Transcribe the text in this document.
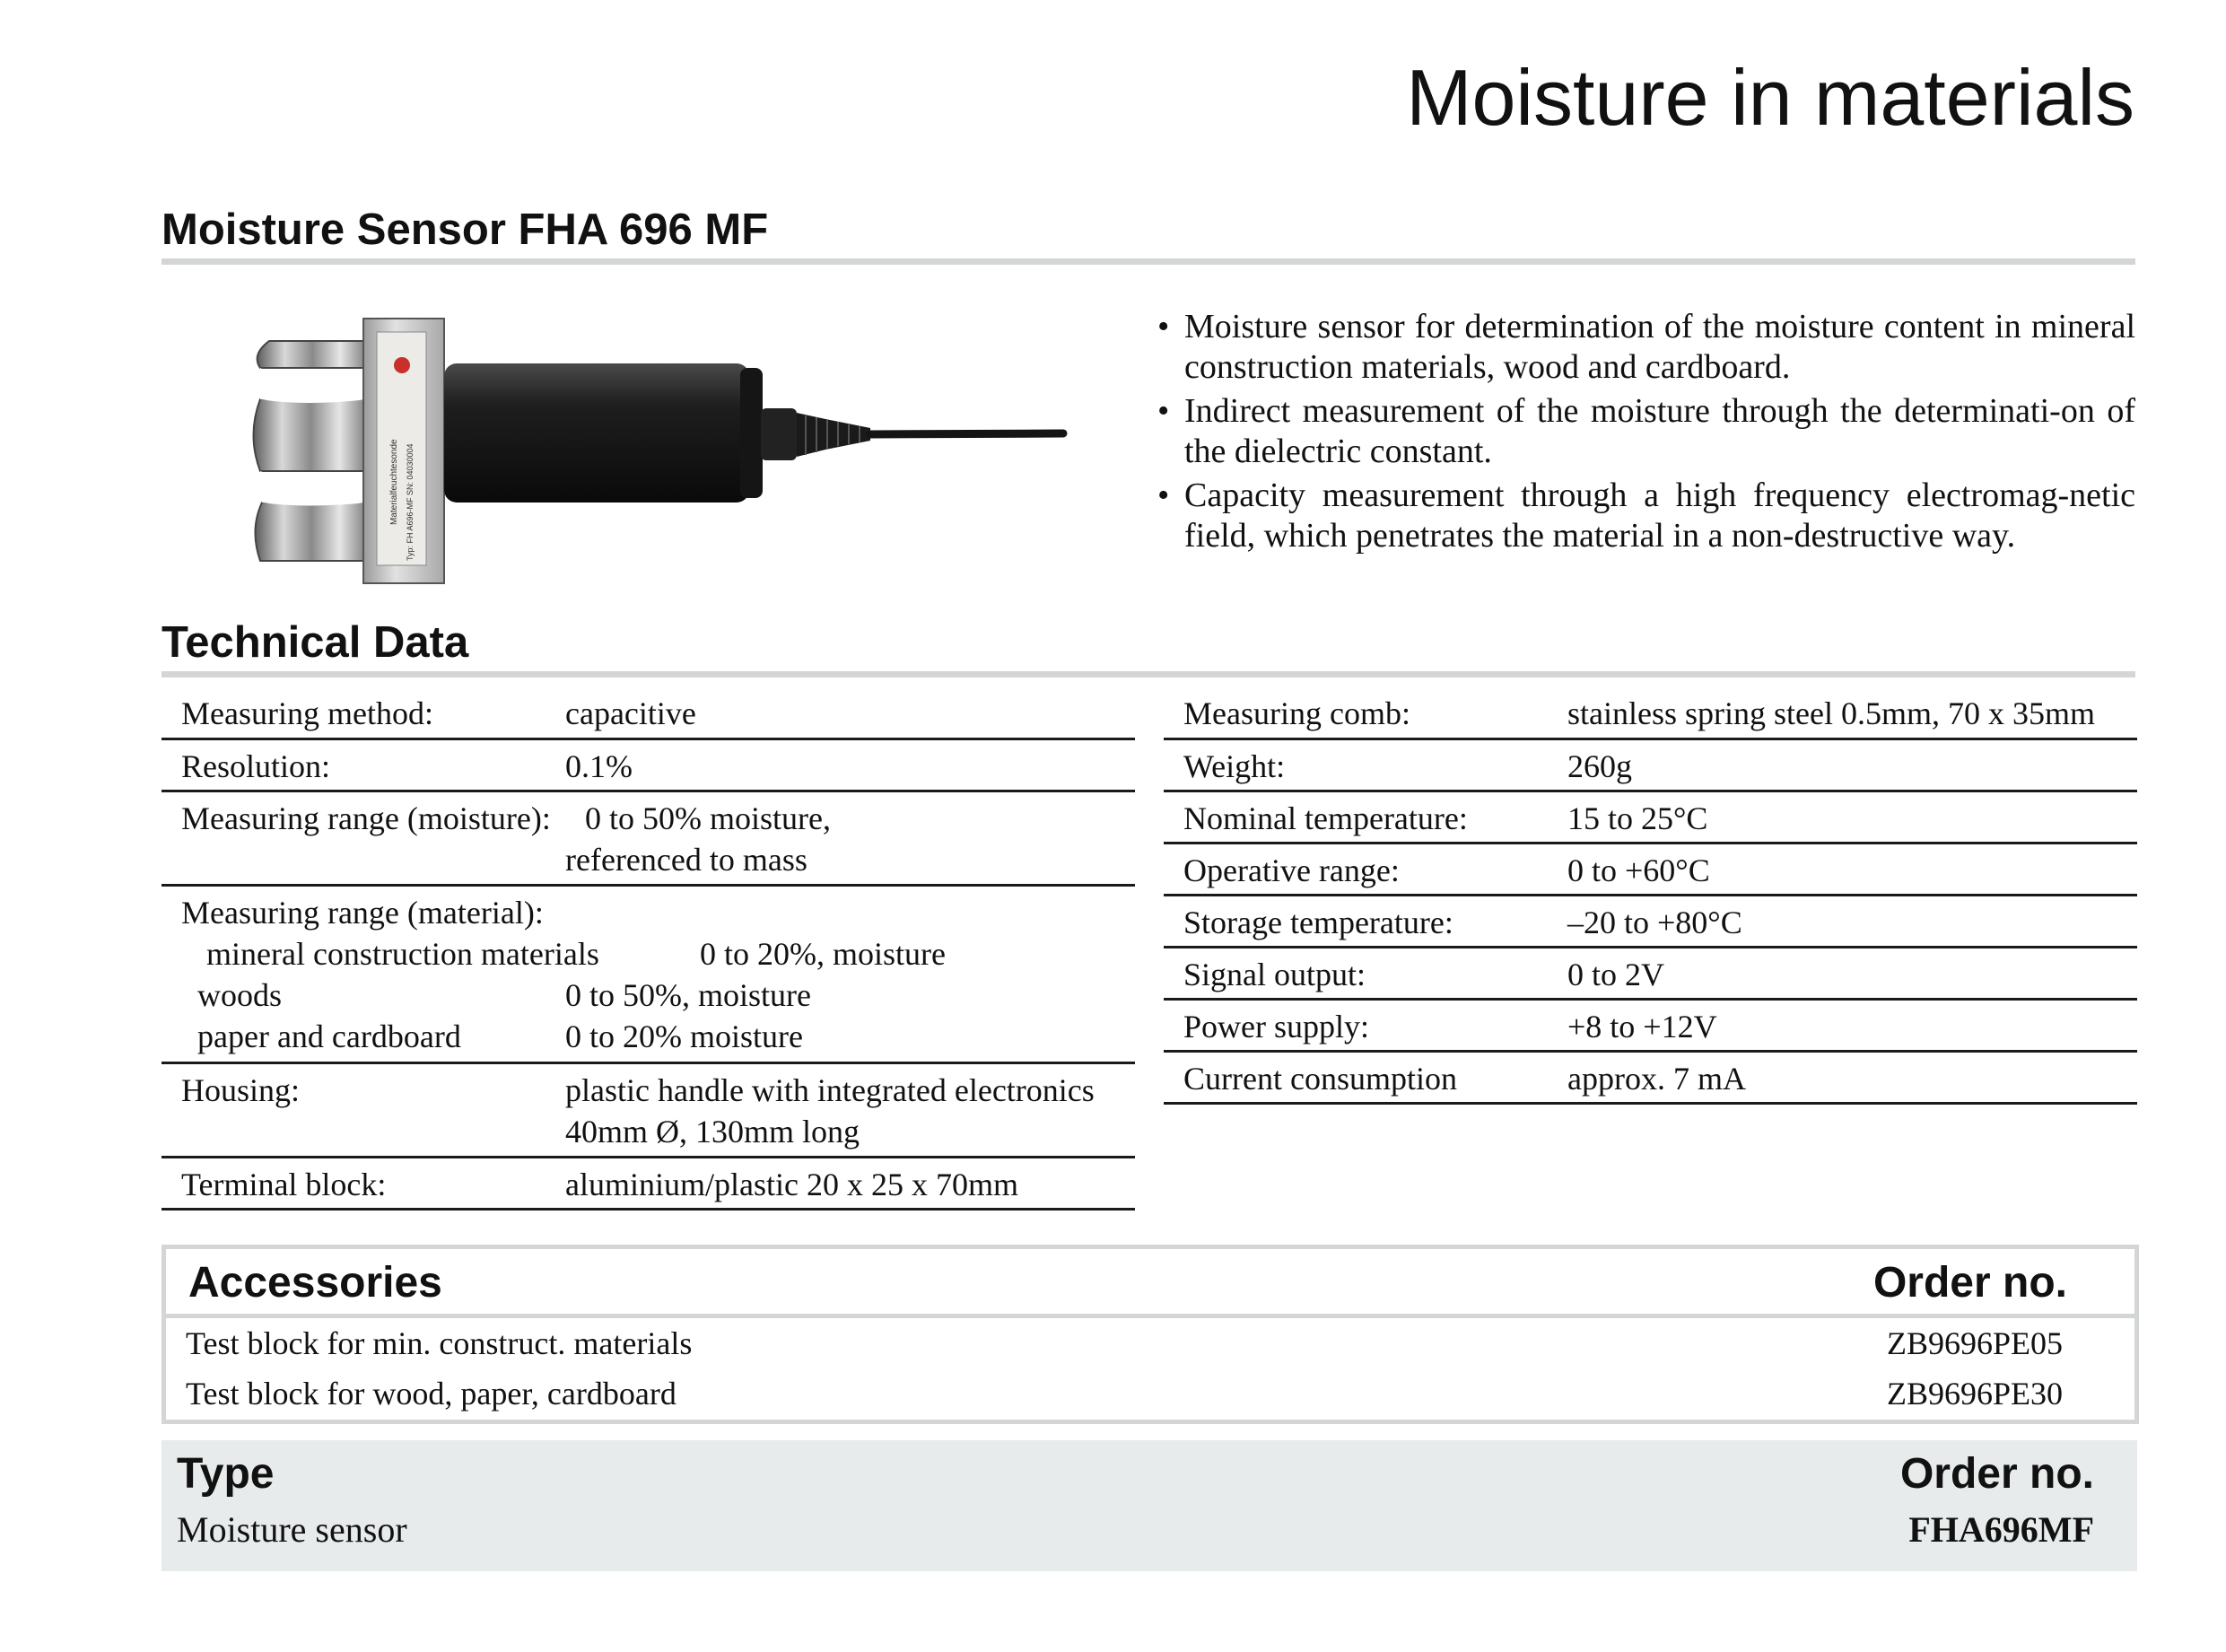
Moisture in materials
Moisture Sensor FHA 696 MF
Materialfeuchtesonde Typ: FH A696-MF SN: 04030004
• Moisture sensor for determination of the moisture content in mineral construction materials, wood and cardboard.
• Indirect measurement of the moisture through the determinati-on of the dielectric constant.
• Capacity measurement through a high frequency electromag-netic field, which penetrates the material in a non-destructive way.
Technical Data
Measuring method:	capacitive
Resolution:	0.1%
Measuring range (moisture): 0 to 50% moisture,
referenced to mass
Measuring range (material):
mineral construction materials	0 to 20%, moisture
woods	0 to 50%, moisture
paper and cardboard	0 to 20% moisture
Housing:	plastic handle with integrated electronics
40mm Ø, 130mm long
Terminal block:	aluminium/plastic 20 x 25 x 70mm
Measuring comb:	stainless spring steel 0.5mm, 70 x 35mm
Weight:	260g
Nominal temperature:	15 to 25°C
Operative range:	0 to +60°C
Storage temperature:	–20 to +80°C
Signal output:	0 to 2V
Power supply:	+8 to +12V
Current consumption	approx. 7 mA
Accessories	Order no.
Test block for min. construct. materials	ZB9696PE05
Test block for wood, paper, cardboard	ZB9696PE30
Type	Order no.
Moisture sensor	FHA696MF
